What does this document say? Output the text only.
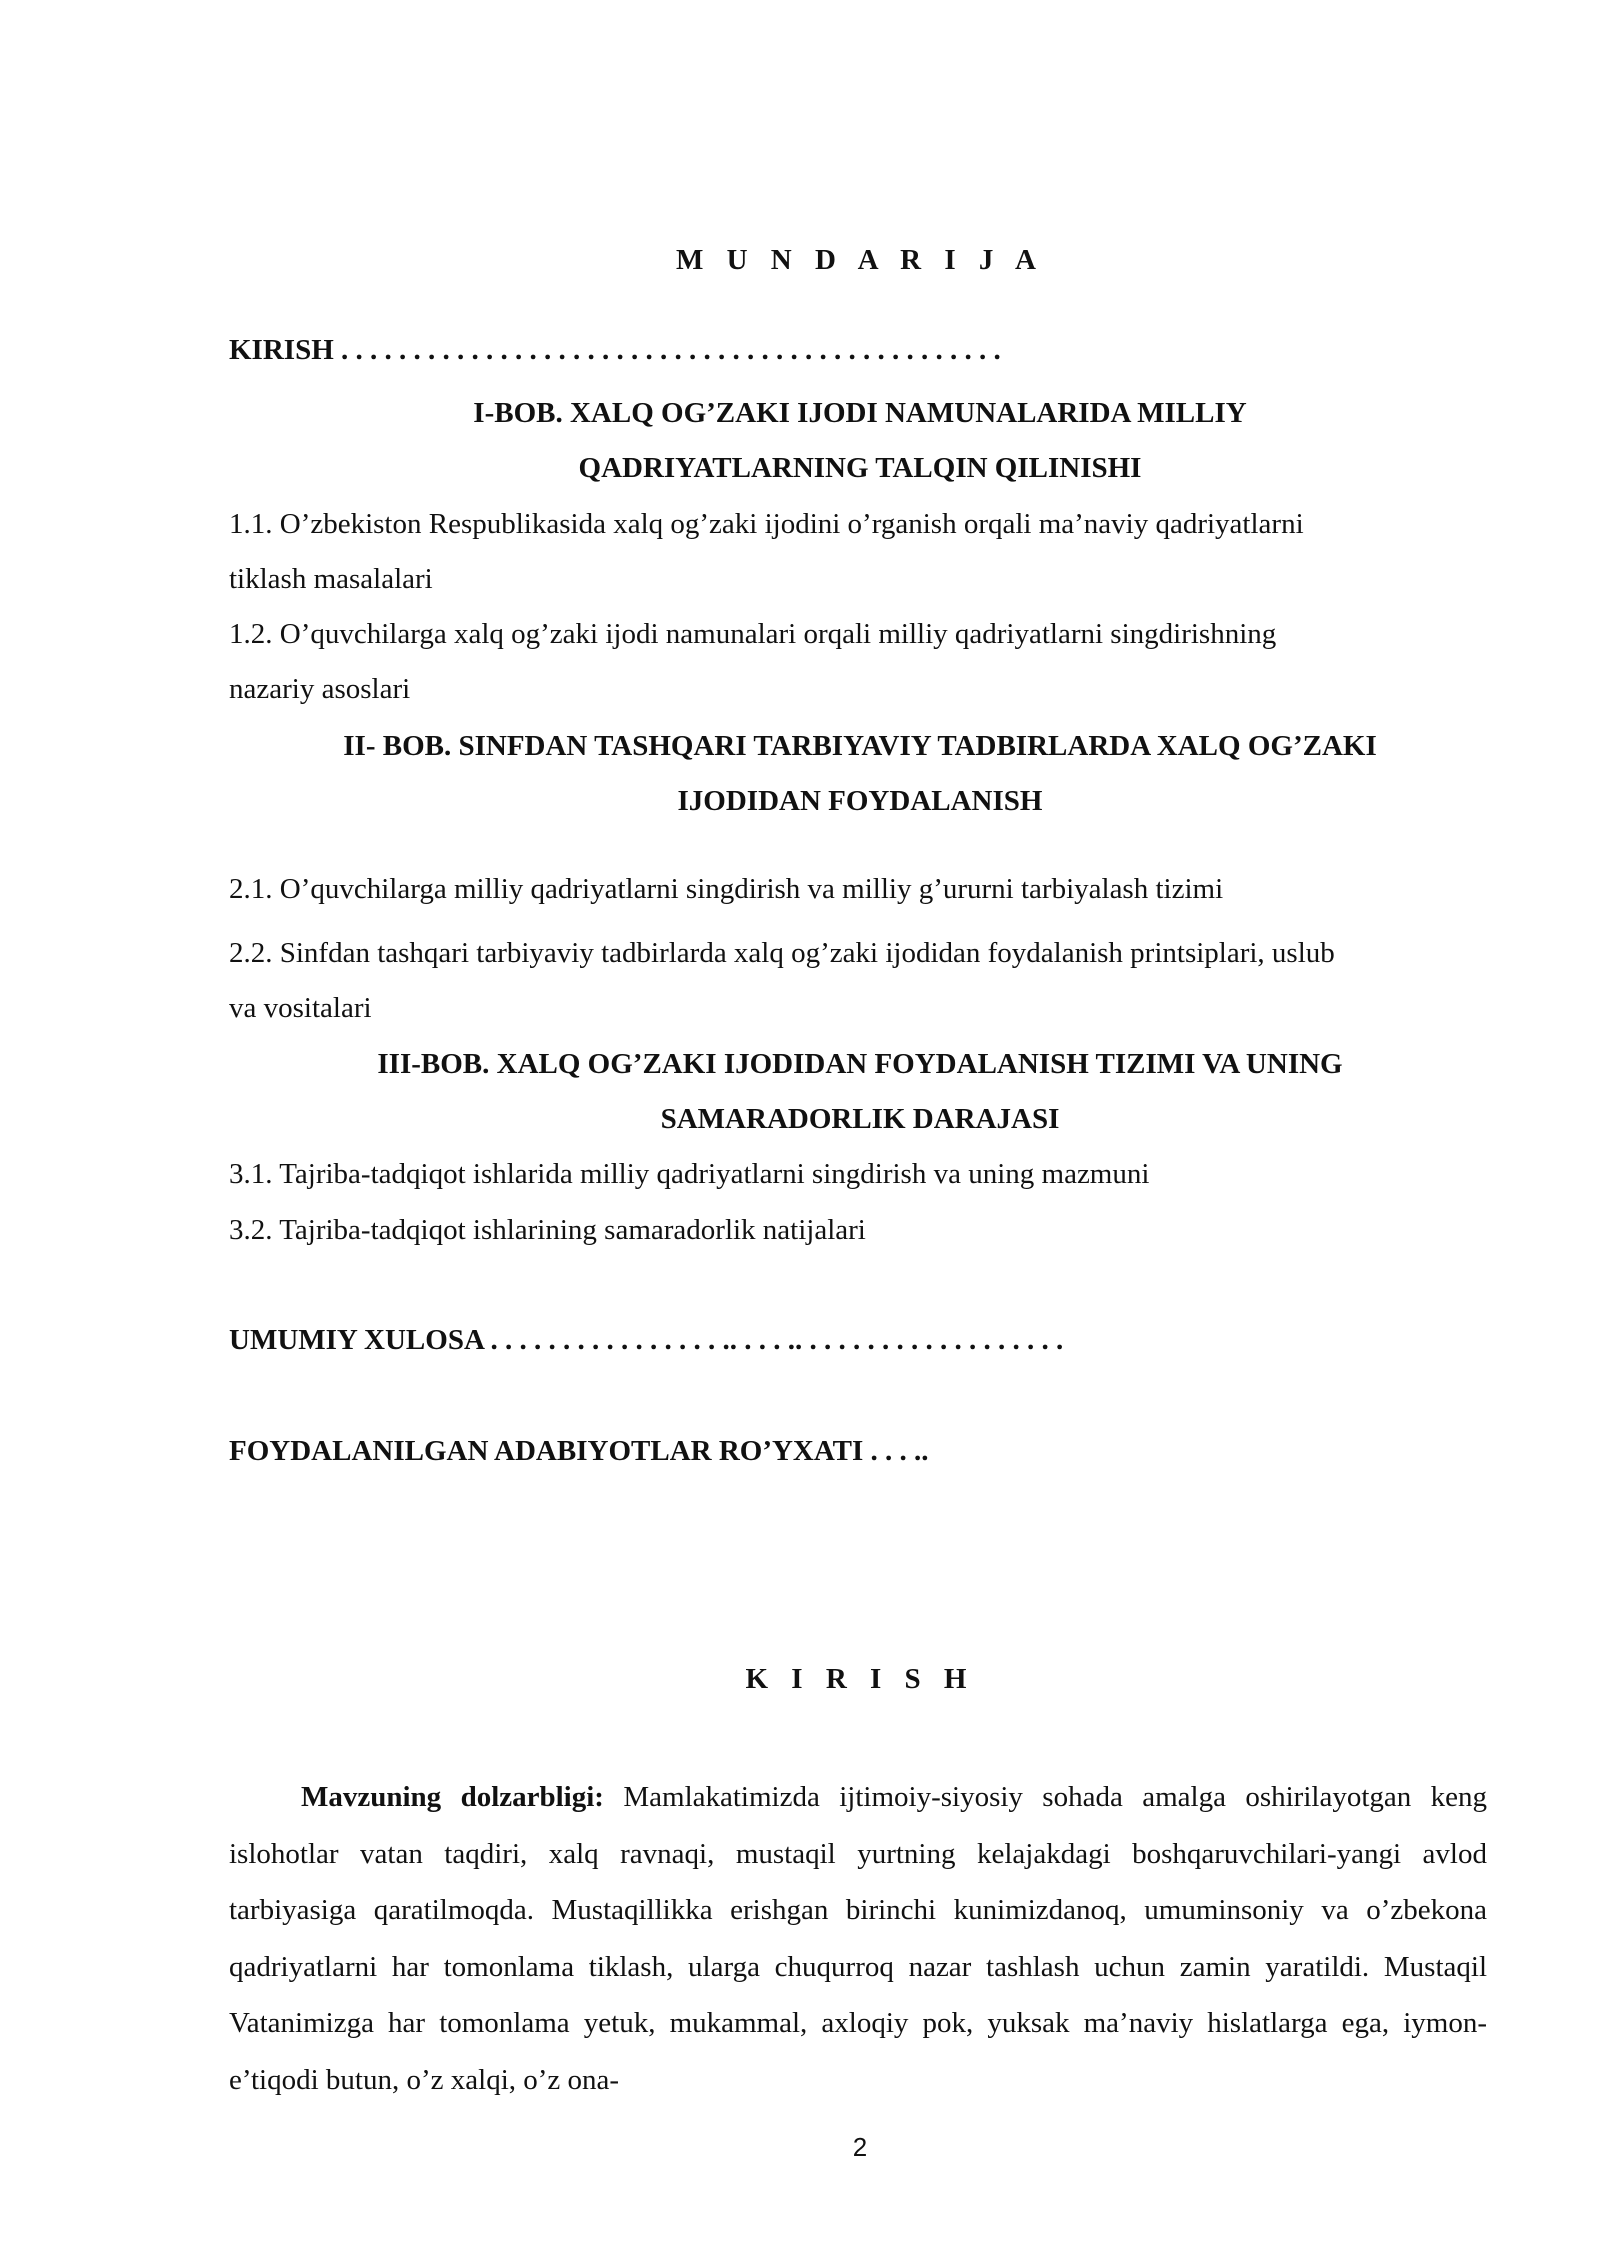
M U N D A R I J A
KIRISH . . . . . . . . . . . . . . . . . . . . . . . . . . . . . . . . . . . . . . . . . . . . . .
I-BOB. XALQ OG’ZAKI IJODI NAMUNALARIDA MILLIY
QADRIYATLARNING TALQIN QILINISHI
1.1. O’zbekiston Respublikasida xalq og’zaki ijodini o’rganish orqali ma’naviy qadriyatlarni
tiklash masalalari
1.2. O’quvchilarga xalq og’zaki ijodi namunalari orqali milliy qadriyatlarni singdirishning
nazariy asoslari
II- BOB. SINFDAN TASHQARI TARBIYAVIY TADBIRLARDA XALQ OG’ZAKI
IJODIDAN FOYDALANISH
2.1. O’quvchilarga milliy qadriyatlarni singdirish va milliy g’ururni tarbiyalash tizimi
2.2. Sinfdan tashqari tarbiyaviy tadbirlarda xalq og’zaki ijodidan foydalanish printsiplari, uslub
va vositalari
III-BOB. XALQ OG’ZAKI IJODIDAN FOYDALANISH TIZIMI VA UNING
SAMARADORLIK DARAJASI
3.1. Tajriba-tadqiqot ishlarida milliy qadriyatlarni singdirish va uning mazmuni
3.2. Tajriba-tadqiqot ishlarining samaradorlik natijalari
UMUMIY XULOSA . . . . . . . . . . . . . . . . .. . . . .. . . . . . . . . . . . . . . . . . .
FOYDALANILGAN ADABIYOTLAR RO’YXATI . . . ..
K I R I S H
Mavzuning dolzarbligi: Mamlakatimizda ijtimoiy-siyosiy sohada amalga oshirilayotgan keng islohotlar vatan taqdiri, xalq ravnaqi, mustaqil yurtning kelajakdagi boshqaruvchilari-yangi avlod tarbiyasiga qaratilmoqda. Mustaqillikka erishgan birinchi kunimizdanoq, umuminsoniy va o’zbekona qadriyatlarni har tomonlama tiklash, ularga chuqurroq nazar tashlash uchun zamin yaratildi. Mustaqil Vatanimizga har tomonlama yetuk, mukammal, axloqiy pok, yuksak ma’naviy hislatlarga ega, iymon-e’tiqodi butun, o’z xalqi, o’z ona-
2
